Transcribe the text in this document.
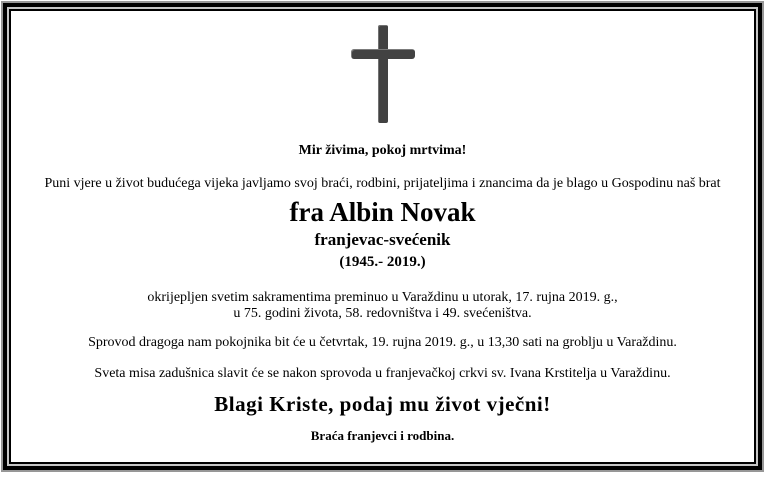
Mir živima, pokoj mrtvima!
Puni vjere u život budućega vijeka javljamo svoj braći, rodbini, prijateljima i znancima da je blago u Gospodinu naš brat
fra Albin Novak
franjevac-svećenik
(1945.- 2019.)
okrijepljen svetim sakramentima preminuo u Varaždinu u utorak, 17. rujna 2019. g.,
u 75. godini života, 58. redovništva i 49. svećeništva.
Sprovod dragoga nam pokojnika bit će u četvrtak, 19. rujna 2019. g., u 13,30 sati na groblju u Varaždinu.
Sveta misa zadušnica slavit će se nakon sprovoda u franjevačkoj crkvi sv. Ivana Krstitelja u Varaždinu.
Blagi Kriste, podaj mu život vječni!
Braća franjevci i rodbina.
